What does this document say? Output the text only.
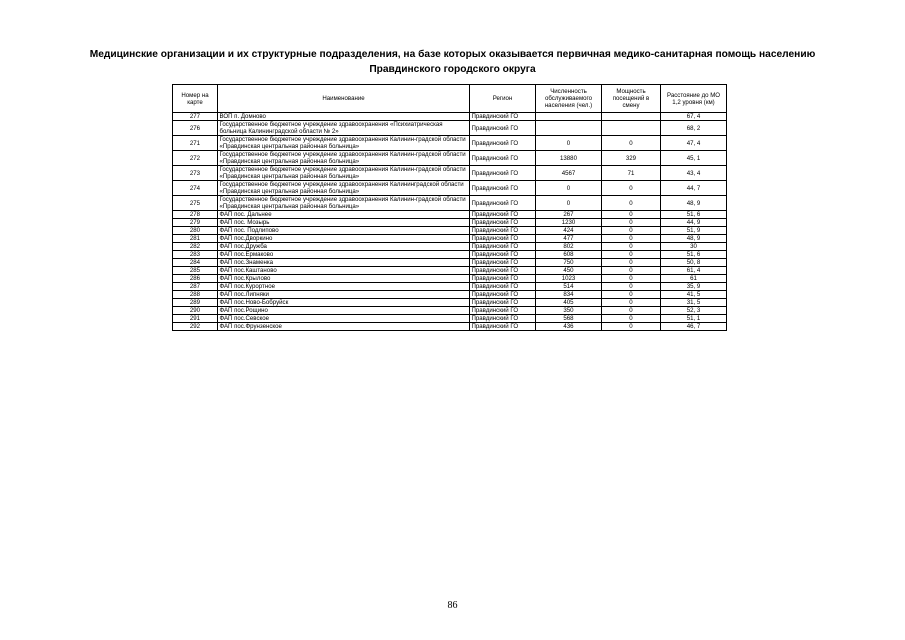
Медицинские организации и их структурные подразделения, на базе которых оказывается первичная медико-санитарная помощь населению
Правдинского городского округа
Номер на карте	Наименование	Регион	Численность обслуживаемого населения (чел.)	Мощность посещений в смену	Расстояние до МО 1,2 уровня (км)
277	ВОП п. Домново	Правдинский ГО			67, 4
276	Государственное бюджетное учреждение здравоохранения «Психиатрическая больница Калининградской области № 2»	Правдинский ГО			68, 2
271	Государственное бюджетное учреждение здравоохранения Калинин-градской области «Правдинская центральная районная больница»	Правдинский ГО	0	0	47, 4
272	Государственное бюджетное учреждение здравоохранения Калинин-градской области «Правдинская центральная районная больница»	Правдинский ГО	13880	329	45, 1
273	Государственное бюджетное учреждение здравоохранения Калинин-градской области «Правдинская центральная районная больница»	Правдинский ГО	4567	71	43, 4
274	Государственное бюджетное учреждение здравоохранения Калининградской области «Правдинская центральная районная больница»	Правдинский ГО	0	0	44, 7
275	Государственное бюджетное учреждение здравоохранения Калинин-градской области «Правдинская центральная районная больница»	Правдинский ГО	0	0	48, 9
278	ФАП пос. Дальнее	Правдинский ГО	267	0	51, 6
279	ФАП пос. Мозырь	Правдинский ГО	1230	0	44, 9
280	ФАП пос. Подлипово	Правдинский ГО	424	0	51, 9
281	ФАП пос.Дворкино	Правдинский ГО	477	0	48, 9
282	ФАП пос.Дружба	Правдинский ГО	802	0	30
283	ФАП пос.Ермаково	Правдинский ГО	608	0	51, 6
284	ФАП пос.Знаменка	Правдинский ГО	750	0	50, 8
285	ФАП пос.Каштаново	Правдинский ГО	450	0	61, 4
286	ФАП пос.Крылово	Правдинский ГО	1023	0	61
287	ФАП пос.Курортное	Правдинский ГО	514	0	35, 9
288	ФАП пос.Липняки	Правдинский ГО	834	0	41, 5
289	ФАП пос.Ново-Бобруйск	Правдинский ГО	405	0	31, 5
290	ФАП пос.Рощино	Правдинский ГО	350	0	52, 3
291	ФАП пос.Севское	Правдинский ГО	568	0	51, 1
292	ФАП пос.Фрунзенское	Правдинский ГО	436	0	46, 7
86
